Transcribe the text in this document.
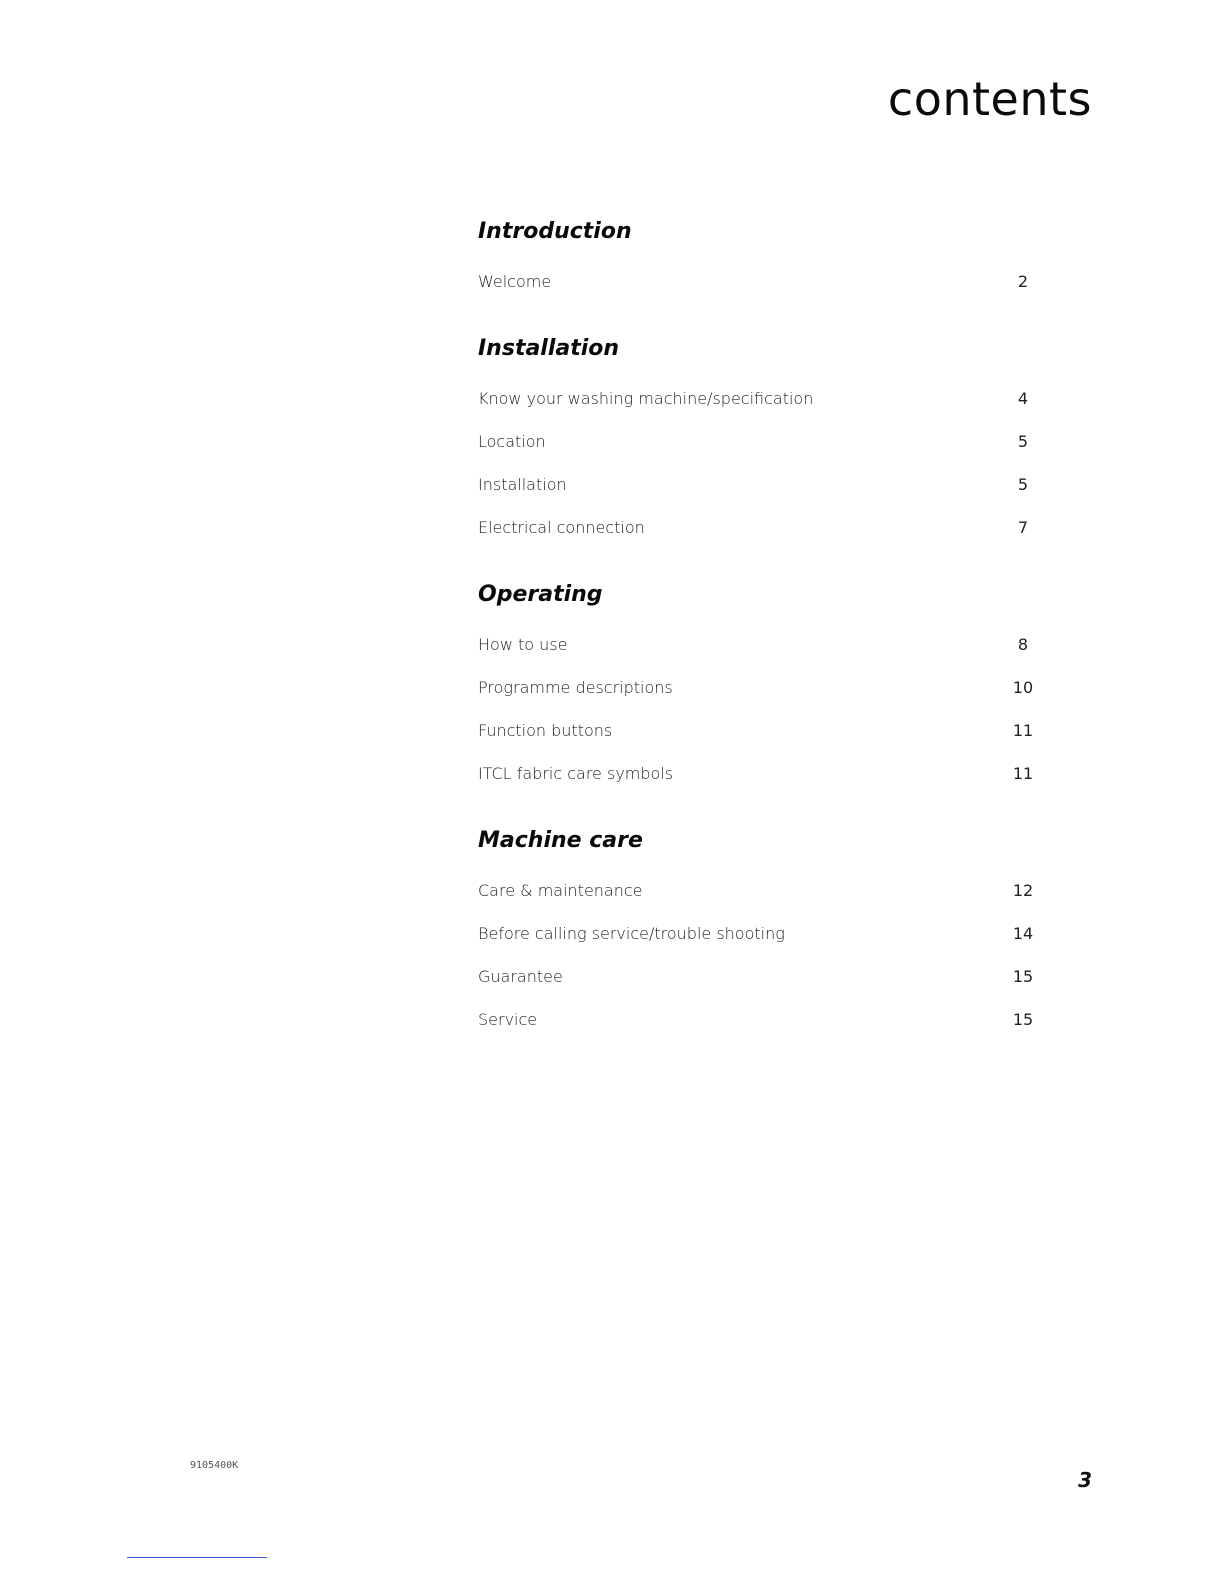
contents
Introduction
Welcome	2
Installation
Know your washing machine/specification	4
Location	5
Installation	5
Electrical connection	7
Operating
How to use	8
Programme descriptions	10
Function buttons	11
ITCL fabric care symbols	11
Machine care
Care & maintenance	12
Before calling service/trouble shooting	14
Guarantee	15
Service	15
9105400K
3
